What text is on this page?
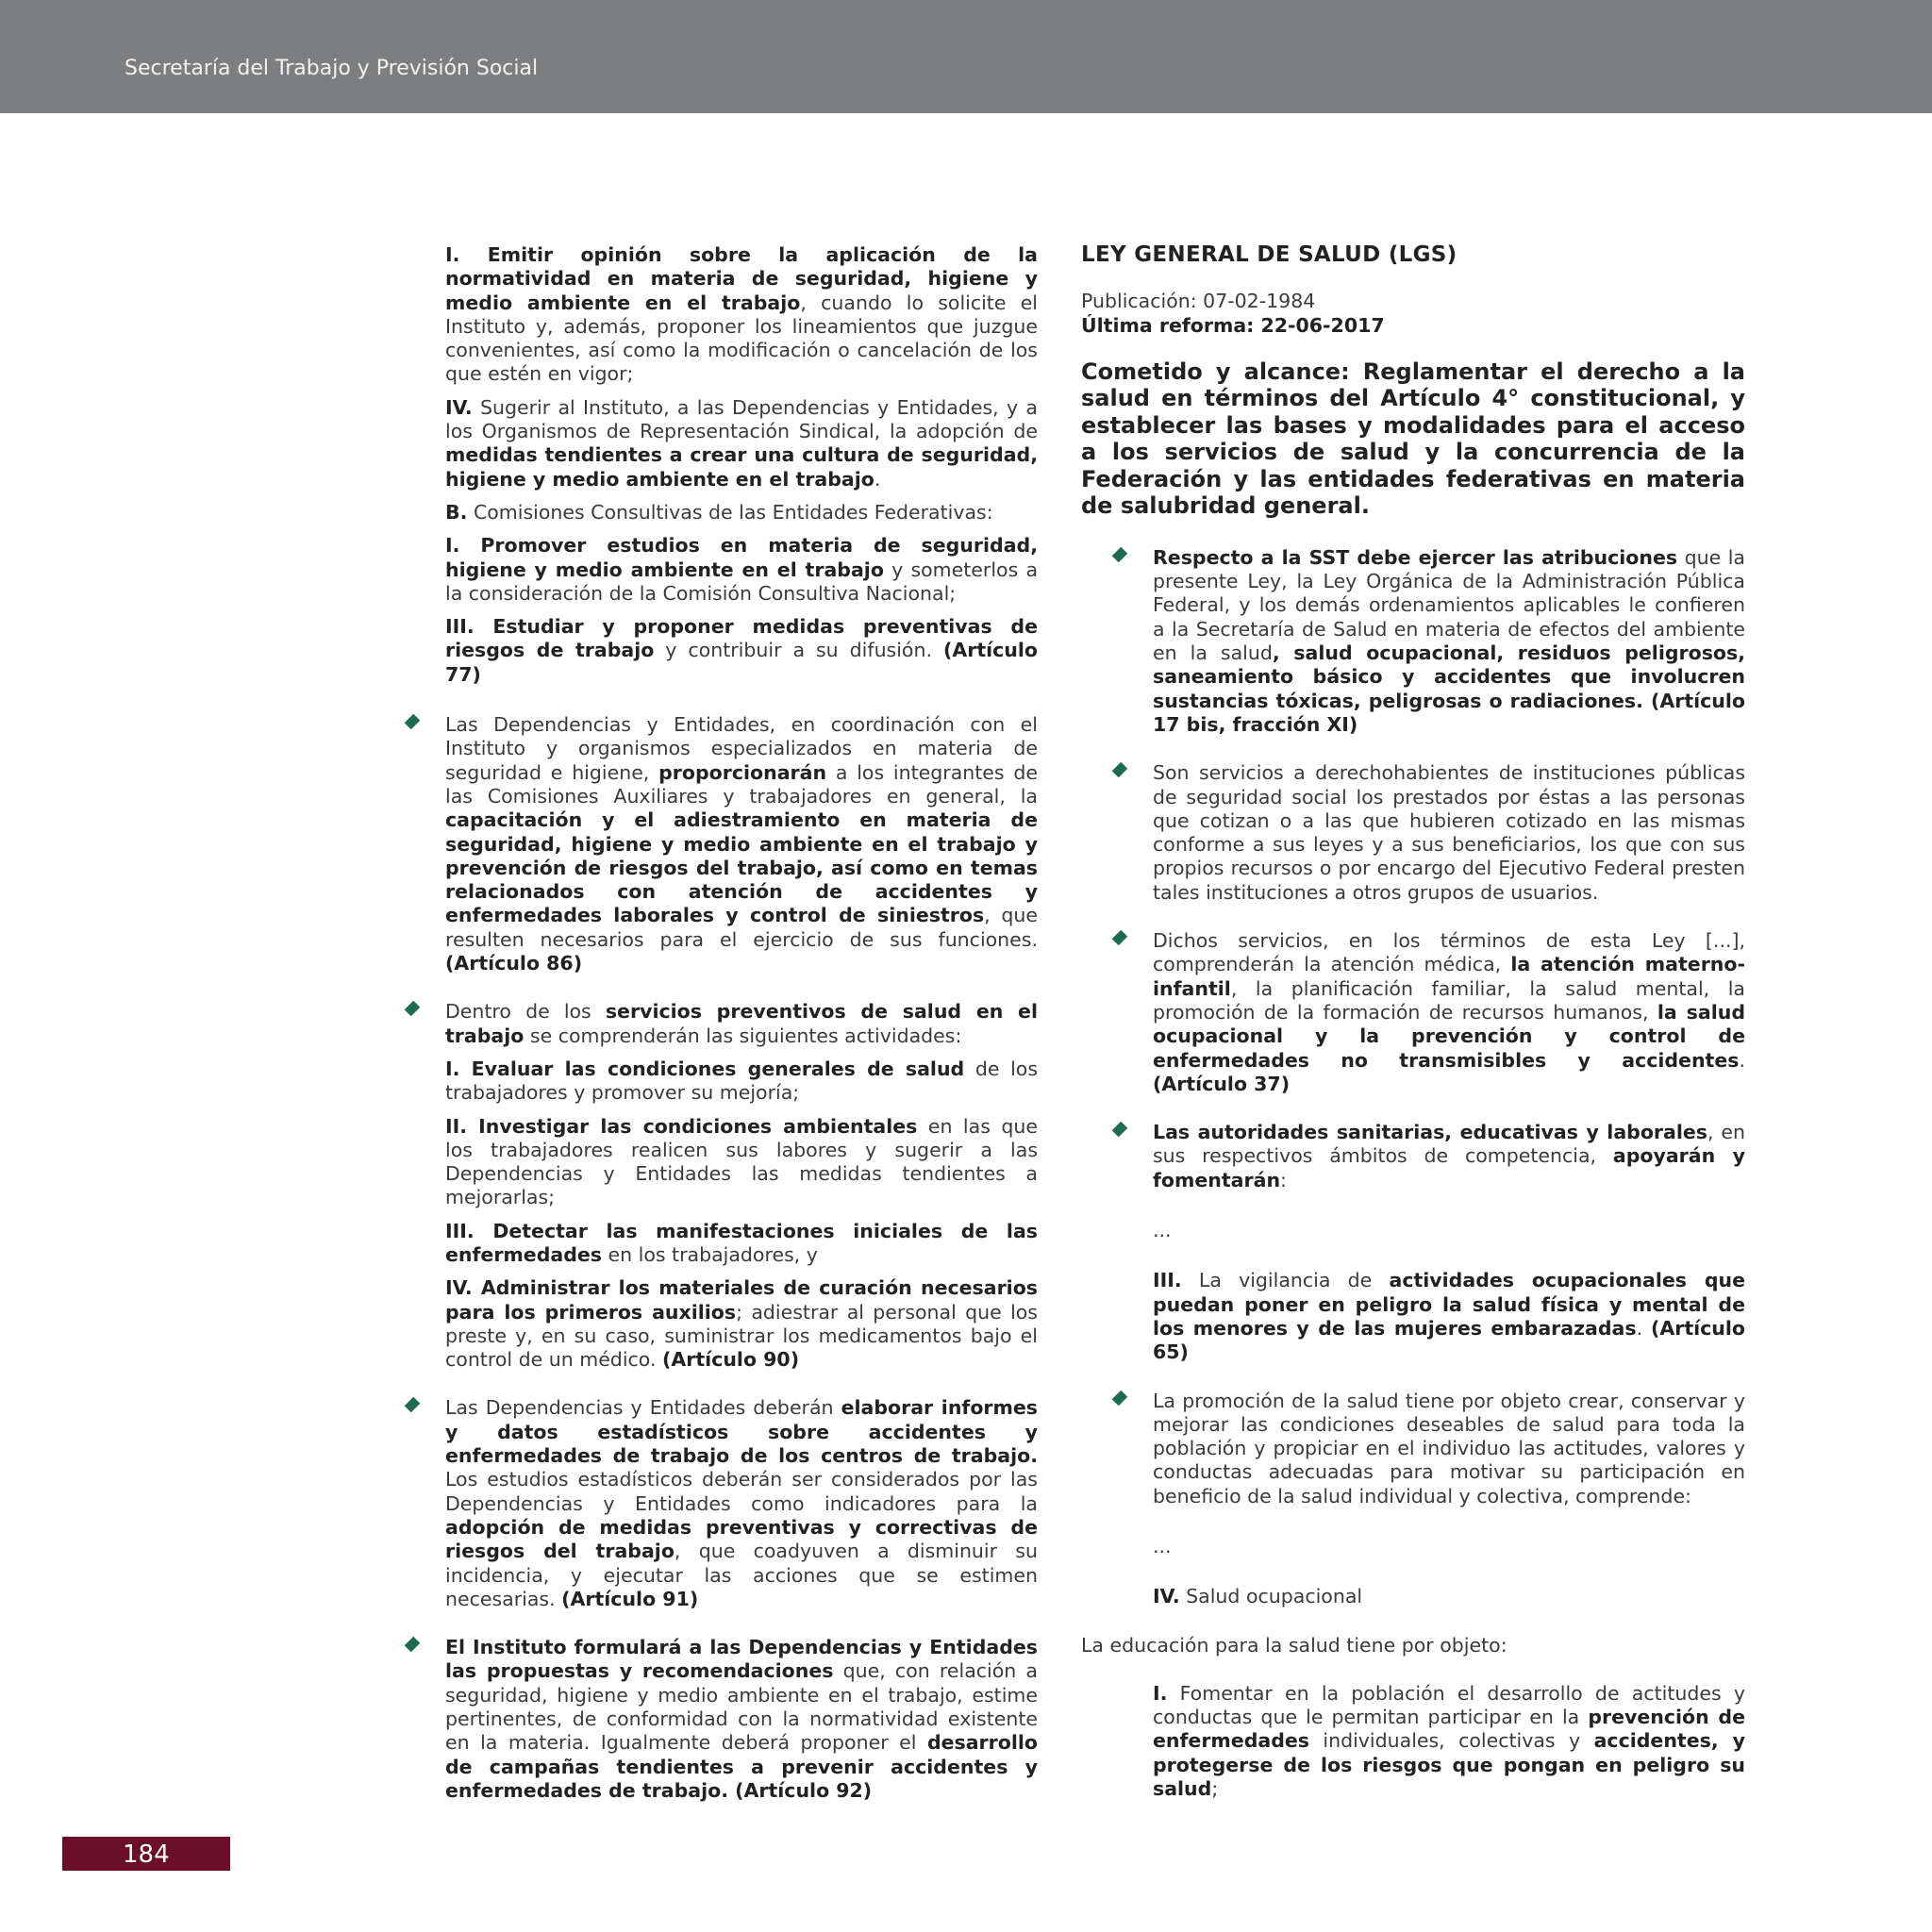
Secretaría del Trabajo y Previsión Social

I. Emitir opinión sobre la aplicación de la normatividad en materia de seguridad, higiene y medio ambiente en el trabajo, cuando lo solicite el Instituto y, además, proponer los lineamientos que juzgue convenientes, así como la modificación o cancelación de los que estén en vigor;

IV. Sugerir al Instituto, a las Dependencias y Entidades, y a los Organismos de Representación Sindical, la adopción de medidas tendientes a crear una cultura de seguridad, higiene y medio ambiente en el trabajo.

B. Comisiones Consultivas de las Entidades Federativas:

I. Promover estudios en materia de seguridad, higiene y medio ambiente en el trabajo y someterlos a la consideración de la Comisión Consultiva Nacional;

III. Estudiar y proponer medidas preventivas de riesgos de trabajo y contribuir a su difusión. (Artículo 77)

Las Dependencias y Entidades, en coordinación con el Instituto y organismos especializados en materia de seguridad e higiene, proporcionarán a los integrantes de las Comisiones Auxiliares y trabajadores en general, la capacitación y el adiestramiento en materia de seguridad, higiene y medio ambiente en el trabajo y prevención de riesgos del trabajo, así como en temas relacionados con atención de accidentes y enfermedades laborales y control de siniestros, que resulten necesarios para el ejercicio de sus funciones. (Artículo 86)

Dentro de los servicios preventivos de salud en el trabajo se comprenderán las siguientes actividades:

I. Evaluar las condiciones generales de salud de los trabajadores y promover su mejoría;

II. Investigar las condiciones ambientales en las que los trabajadores realicen sus labores y sugerir a las Dependencias y Entidades las medidas tendientes a mejorarlas;

III. Detectar las manifestaciones iniciales de las enfermedades en los trabajadores, y

IV. Administrar los materiales de curación necesarios para los primeros auxilios; adiestrar al personal que los preste y, en su caso, suministrar los medicamentos bajo el control de un médico. (Artículo 90)

Las Dependencias y Entidades deberán elaborar informes y datos estadísticos sobre accidentes y enfermedades de trabajo de los centros de trabajo. Los estudios estadísticos deberán ser considerados por las Dependencias y Entidades como indicadores para la adopción de medidas preventivas y correctivas de riesgos del trabajo, que coadyuven a disminuir su incidencia, y ejecutar las acciones que se estimen necesarias. (Artículo 91)

El Instituto formulará a las Dependencias y Entidades las propuestas y recomendaciones que, con relación a seguridad, higiene y medio ambiente en el trabajo, estime pertinentes, de conformidad con la normatividad existente en la materia. Igualmente deberá proponer el desarrollo de campañas tendientes a prevenir accidentes y enfermedades de trabajo. (Artículo 92)

LEY GENERAL DE SALUD (LGS)

Publicación: 07-02-1984

Última reforma: 22-06-2017

Cometido y alcance: Reglamentar el derecho a la salud en términos del Artículo 4° constitucional, y establecer las bases y modalidades para el acceso a los servicios de salud y la concurrencia de la Federación y las entidades federativas en materia de salubridad general.

Respecto a la SST debe ejercer las atribuciones que la presente Ley, la Ley Orgánica de la Administración Pública Federal, y los demás ordenamientos aplicables le confieren a la Secretaría de Salud en materia de efectos del ambiente en la salud, salud ocupacional, residuos peligrosos, saneamiento básico y accidentes que involucren sustancias tóxicas, peligrosas o radiaciones. (Artículo 17 bis, fracción XI)

Son servicios a derechohabientes de instituciones públicas de seguridad social los prestados por éstas a las personas que cotizan o a las que hubieren cotizado en las mismas conforme a sus leyes y a sus beneficiarios, los que con sus propios recursos o por encargo del Ejecutivo Federal presten tales instituciones a otros grupos de usuarios.

Dichos servicios, en los términos de esta Ley [...], comprenderán la atención médica, la atención materno-infantil, la planificación familiar, la salud mental, la promoción de la formación de recursos humanos, la salud ocupacional y la prevención y control de enfermedades no transmisibles y accidentes. (Artículo 37)

Las autoridades sanitarias, educativas y laborales, en sus respectivos ámbitos de competencia, apoyarán y fomentarán:

...

III. La vigilancia de actividades ocupacionales que puedan poner en peligro la salud física y mental de los menores y de las mujeres embarazadas. (Artículo 65)

La promoción de la salud tiene por objeto crear, conservar y mejorar las condiciones deseables de salud para toda la población y propiciar en el individuo las actitudes, valores y conductas adecuadas para motivar su participación en beneficio de la salud individual y colectiva, comprende:

...

IV. Salud ocupacional

La educación para la salud tiene por objeto:

I. Fomentar en la población el desarrollo de actitudes y conductas que le permitan participar en la prevención de enfermedades individuales, colectivas y accidentes, y protegerse de los riesgos que pongan en peligro su salud;

184
